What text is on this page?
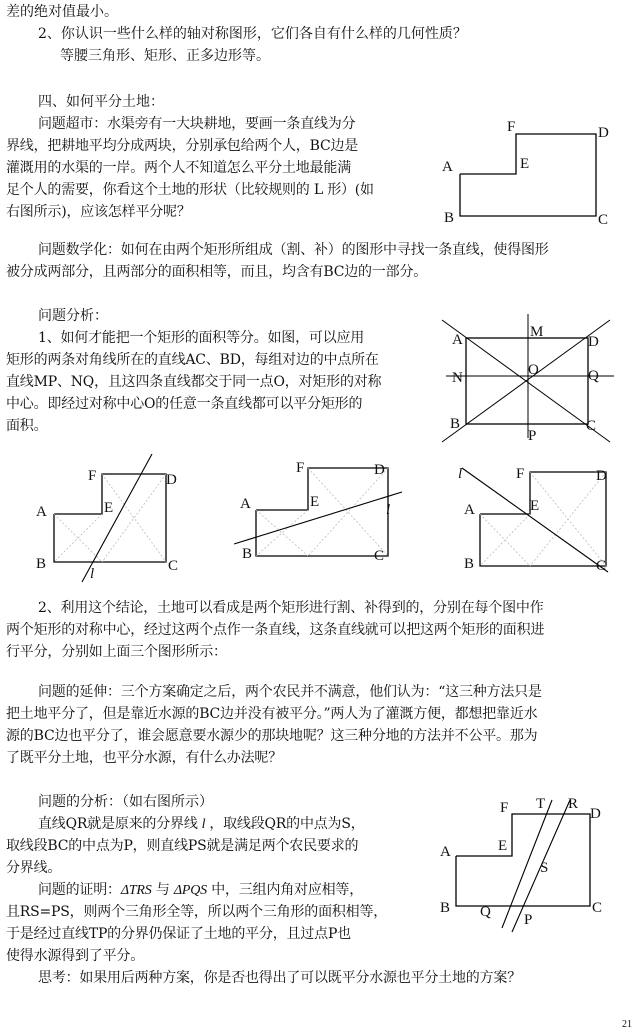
差的绝对值最小。
2、你认识一些什么样的轴对称图形，它们各自有什么样的几何性质？
等腰三角形、矩形、正多边形等。
四、如何平分土地：
问题超市：水渠旁有一大块耕地，要画一条直线为分
界线，把耕地平均分成两块，分别承包给两个人，BC边是
灌溉用的水渠的一岸。两个人不知道怎么平分土地最能满
足个人的需要，你看这个土地的形状（比较规则的 L 形）(如
右图所示)，应该怎样平分呢？
问题数学化：如何在由两个矩形所组成（割、补）的图形中寻找一条直线，使得图形
被分成两部分，且两部分的面积相等，而且，均含有BC边的一部分。
问题分析：
1、如何才能把一个矩形的面积等分。如图，可以应用
矩形的两条对角线所在的直线AC、BD，每组对边的中点所在
直线MP、NQ，且这四条直线都交于同一点O，对矩形的对称
中心。即经过对称中心O的任意一条直线都可以平分矩形的
面积。
2、利用这个结论，土地可以看成是两个矩形进行割、补得到的，分别在每个图中作
两个矩形的对称中心，经过这两个点作一条直线，这条直线就可以把这两个矩形的面积进
行平分，分别如上面三个图形所示：
问题的延伸：三个方案确定之后，两个农民并不满意，他们认为：“这三种方法只是
把土地平分了，但是靠近水源的BC边并没有被平分。”两人为了灌溉方便，都想把靠近水
源的BC边也平分了，谁会愿意要水源少的那块地呢？这三种分地的方法并不公平。那为
了既平分土地，也平分水源，有什么办法呢？
问题的分析：（如右图所示）
直线QR就是原来的分界线 l ，取线段QR的中点为S，
取线段BC的中点为P，则直线PS就是满足两个农民要求的
分界线。
问题的证明：ΔTRS 与 ΔPQS 中，三组内角对应相等，
且RS=PS，则两个三角形全等，所以两个三角形的面积相等，
于是经过直线TP的分界仍保证了土地的平分，且过点P也
使得水源得到了平分。
思考：如果用后两种方案，你是否也得出了可以既平分水源也平分土地的方案？
21
F	D
A	E
B	C
A	M
D
N	O	Q
B
P
C
F	D
A	E
B	C
l
F	D
A	E
B	C
l
l	F	D
A	E
B	C
F T R
D
E
A
S
B Q P
C
